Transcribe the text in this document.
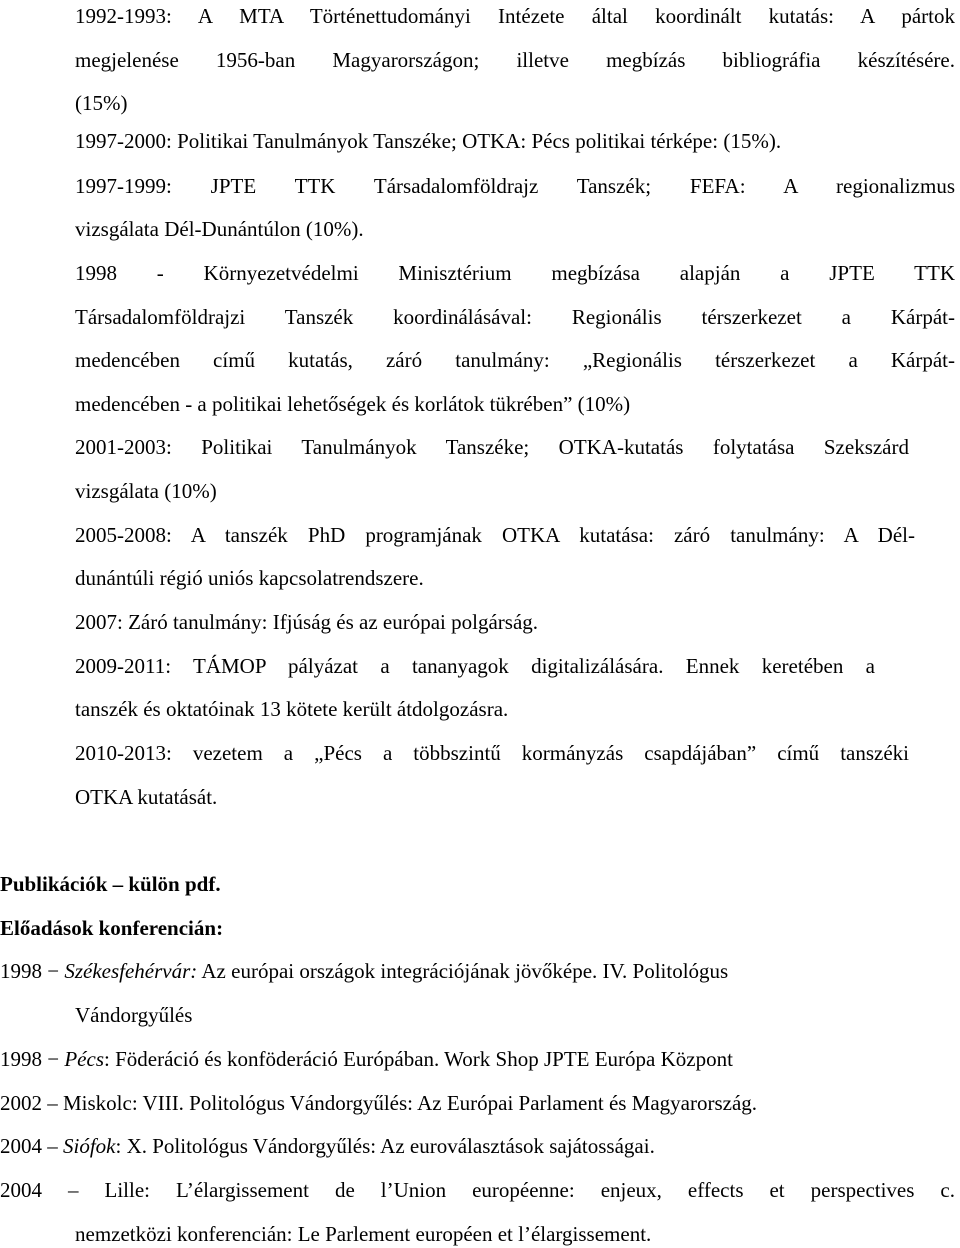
1992-1993: A MTA Történettudományi Intézete által koordinált kutatás: A pártok
megjelenése 1956-ban Magyarországon; illetve megbízás bibliográfia készítésére.
(15%)
1997-2000: Politikai Tanulmányok Tanszéke; OTKA: Pécs politikai térképe: (15%).
1997-1999: JPTE TTK Társadalomföldrajz Tanszék; FEFA: A regionalizmus
vizsgálata Dél-Dunántúlon (10%).
1998 - Környezetvédelmi Minisztérium megbízása alapján a JPTE TTK
Társadalomföldrajzi Tanszék koordinálásával: Regionális térszerkezet a Kárpát-
medencében című kutatás, záró tanulmány: „Regionális térszerkezet a Kárpát-
medencében - a politikai lehetőségek és korlátok tükrében” (10%)
2001-2003: Politikai Tanulmányok Tanszéke; OTKA-kutatás folytatása Szekszárd
vizsgálata (10%)
2005-2008: A tanszék PhD programjának OTKA kutatása: záró tanulmány: A Dél-
dunántúli régió uniós kapcsolatrendszere.
2007: Záró tanulmány: Ifjúság és az európai polgárság.
2009-2011: TÁMOP pályázat a tananyagok digitalizálására. Ennek keretében a
tanszék és oktatóinak 13 kötete került átdolgozásra.
2010-2013: vezetem a „Pécs a többszintű kormányzás csapdájában” című tanszéki
OTKA kutatását.
Publikációk – külön pdf.
Előadások konferencián:
1998 − Székesfehérvár: Az európai országok integrációjának jövőképe. IV. Politológus
Vándorgyűlés
1998 − Pécs: Föderáció és konföderáció Európában. Work Shop JPTE Európa Központ
2002 – Miskolc: VIII. Politológus Vándorgyűlés: Az Európai Parlament és Magyarország.
2004 – Siófok: X. Politológus Vándorgyűlés: Az euroválasztások sajátosságai.
2004 – Lille: L’élargissement de l’Union européenne: enjeux, effects et perspectives c.
nemzetközi konferencián: Le Parlement européen et l’élargissement.
